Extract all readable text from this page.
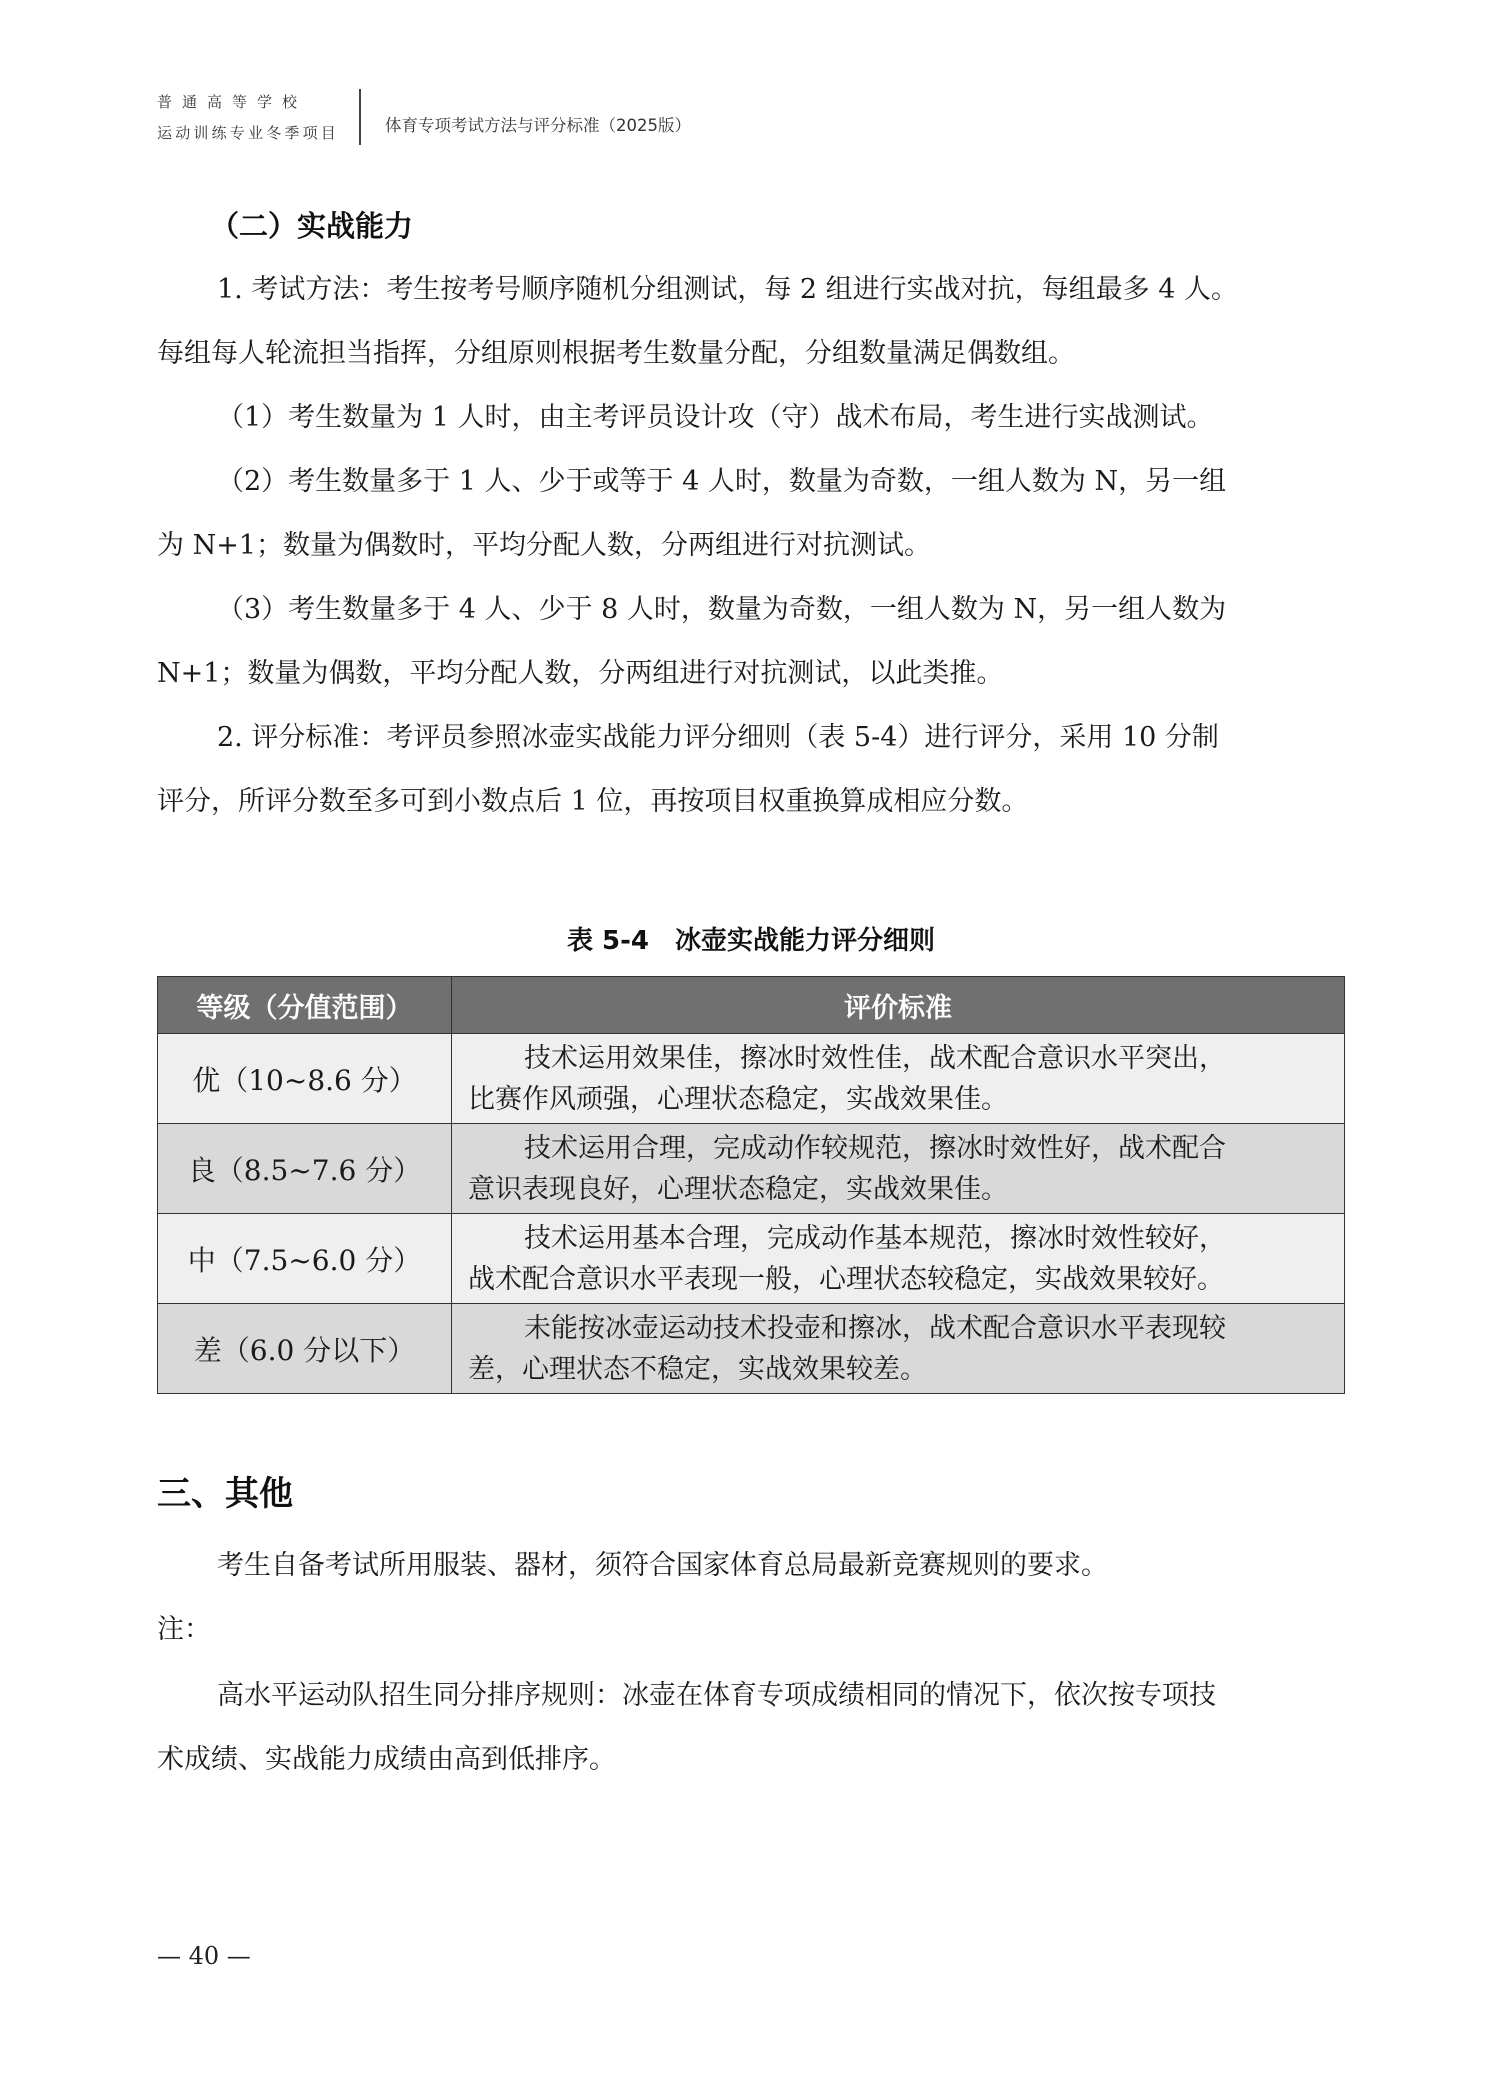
普通高等学校
运动训练专业冬季项目	体育专项考试方法与评分标准（2025版）
（二）实战能力
1. 考试方法：考生按考号顺序随机分组测试，每 2 组进行实战对抗，每组最多 4 人。
每组每人轮流担当指挥，分组原则根据考生数量分配，分组数量满足偶数组。
（1）考生数量为 1 人时，由主考评员设计攻（守）战术布局，考生进行实战测试。
（2）考生数量多于 1 人、少于或等于 4 人时，数量为奇数，一组人数为 N，另一组
为 N+1；数量为偶数时，平均分配人数，分两组进行对抗测试。
（3）考生数量多于 4 人、少于 8 人时，数量为奇数，一组人数为 N，另一组人数为
N+1；数量为偶数，平均分配人数，分两组进行对抗测试，以此类推。
2. 评分标准：考评员参照冰壶实战能力评分细则（表 5-4）进行评分，采用 10 分制
评分，所评分数至多可到小数点后 1 位，再按项目权重换算成相应分数。
表 5-4　冰壶实战能力评分细则
等级（分值范围）	评价标准
优（10~8.6 分）	技术运用效果佳，擦冰时效性佳，战术配合意识水平突出，
比赛作风顽强，心理状态稳定，实战效果佳。

良（8.5~7.6 分）	技术运用合理，完成动作较规范，擦冰时效性好，战术配合
意识表现良好，心理状态稳定，实战效果佳。

中（7.5~6.0 分）	技术运用基本合理，完成动作基本规范，擦冰时效性较好，
战术配合意识水平表现一般，心理状态较稳定，实战效果较好。

差（6.0 分以下）	未能按冰壶运动技术投壶和擦冰，战术配合意识水平表现较
差，心理状态不稳定，实战效果较差。
三、其他
考生自备考试所用服装、器材，须符合国家体育总局最新竞赛规则的要求。
注：
高水平运动队招生同分排序规则：冰壶在体育专项成绩相同的情况下，依次按专项技
术成绩、实战能力成绩由高到低排序。
— 40 —
